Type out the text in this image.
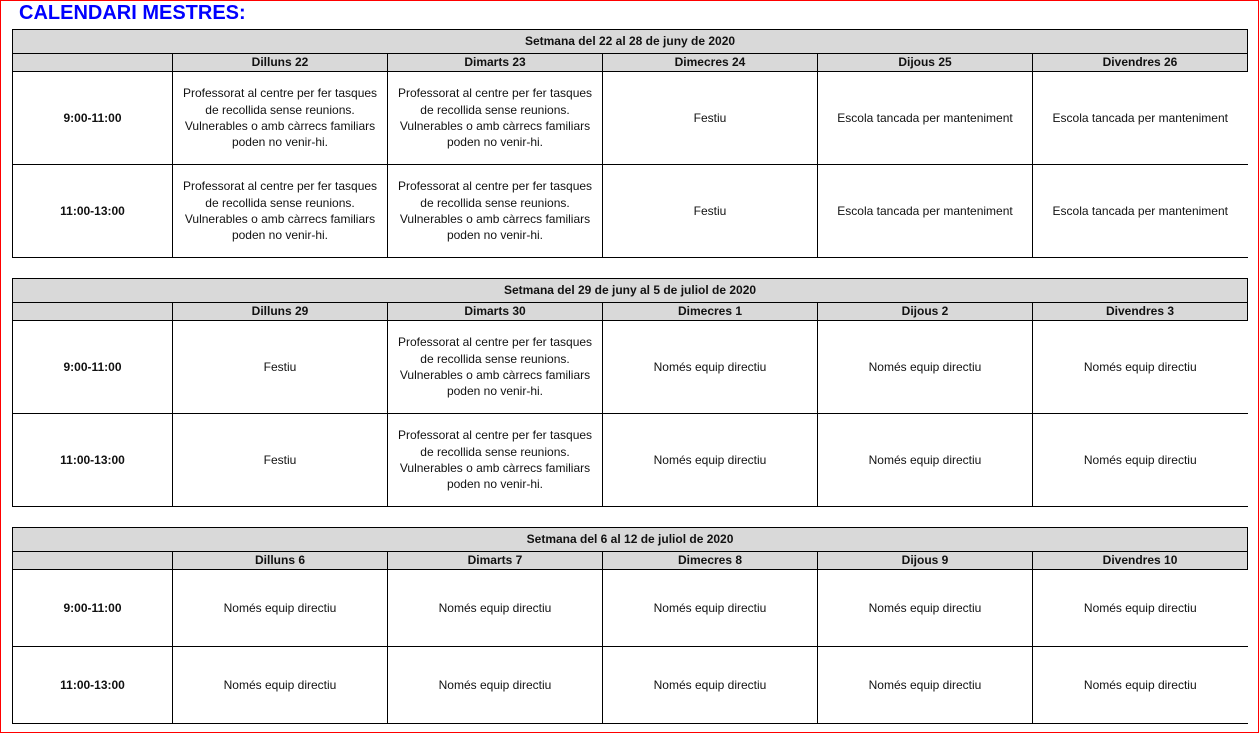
CALENDARI MESTRES:
Setmana del 22 al 28 de juny de 2020					
	Dilluns 22	Dimarts 23	Dimecres 24	Dijous 25	Divendres 26
9:00-11:00	Professorat al centre per fer tasques de recollida sense reunions. Vulnerables o amb càrrecs familiars poden no venir-hi.	Professorat al centre per fer tasques de recollida sense reunions.
Vulnerables o amb càrrecs familiars poden no venir-hi.	Festiu	Escola tancada per manteniment	Escola tancada per manteniment
11:00-13:00	Professorat al centre per fer tasques de recollida sense reunions.
Vulnerables o amb càrrecs familiars poden no venir-hi.	Professorat al centre per fer tasques de recollida sense reunions.
Vulnerables o amb càrrecs familiars poden no venir-hi.	Festiu	Escola tancada per manteniment	Escola tancada per manteniment
Setmana del 29 de juny al 5 de juliol de 2020					
	Dilluns 29	Dimarts 30	Dimecres 1	Dijous 2	Divendres 3
9:00-11:00	Festiu	Professorat al centre per fer tasques de recollida sense reunions.
Vulnerables o amb càrrecs familiars poden no venir-hi.	Només equip directiu	Només equip directiu	Només equip directiu
11:00-13:00	Festiu	Professorat al centre per fer tasques de recollida sense reunions.
Vulnerables o amb càrrecs familiars poden no venir-hi.	Només equip directiu	Només equip directiu	Només equip directiu
Setmana del 6 al 12 de juliol de 2020					
	Dilluns 6	Dimarts 7	Dimecres 8	Dijous 9	Divendres 10
9:00-11:00	Només equip directiu	Només equip directiu	Només equip directiu	Només equip directiu	Només equip directiu
11:00-13:00	Només equip directiu	Només equip directiu	Només equip directiu	Només equip directiu	Només equip directiu
